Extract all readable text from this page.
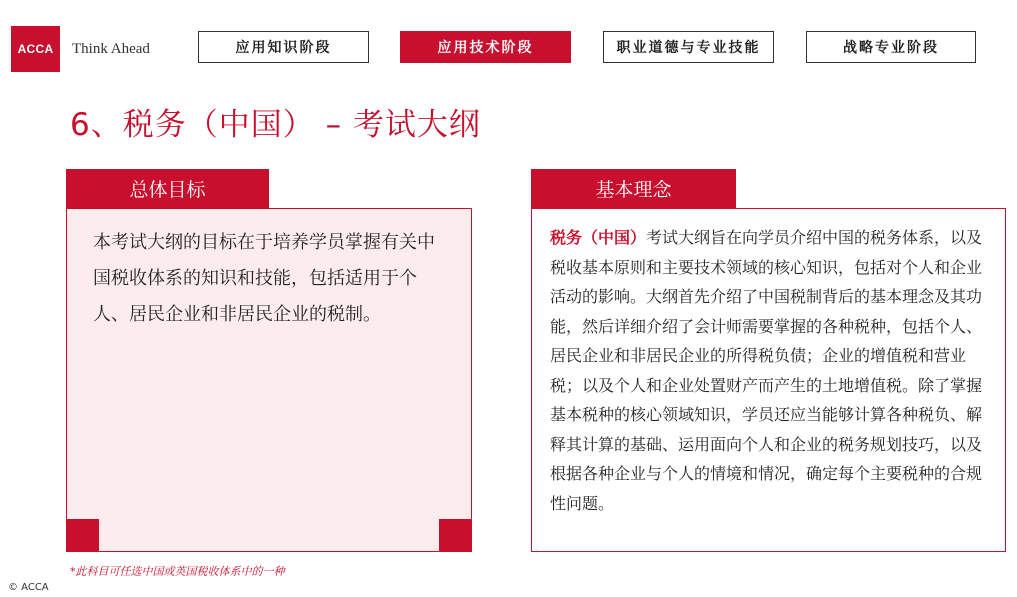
ACCA Think Ahead	应用知识阶段	应用技术阶段	职业道德与专业技能	战略专业阶段
6、税务（中国） – 考试大纲
总体目标

本考试大纲的目标在于培养学员掌握有关中国税收体系的知识和技能，包括适用于个人、居民企业和非居民企业的税制。

基本理念

税务（中国）考试大纲旨在向学员介绍中国的税务体系，以及税收基本原则和主要技术领域的核心知识，包括对个人和企业活动的影响。大纲首先介绍了中国税制背后的基本理念及其功能，然后详细介绍了会计师需要掌握的各种税种，包括个人、居民企业和非居民企业的所得税负债；企业的增值税和营业税；以及个人和企业处置财产而产生的土地增值税。除了掌握基本税种的核心领域知识，学员还应当能够计算各种税负、解释其计算的基础、运用面向个人和企业的税务规划技巧，以及根据各种企业与个人的情境和情况，确定每个主要税种的合规性问题。

*此科目可任选中国或英国税收体系中的一种
© ACCA
